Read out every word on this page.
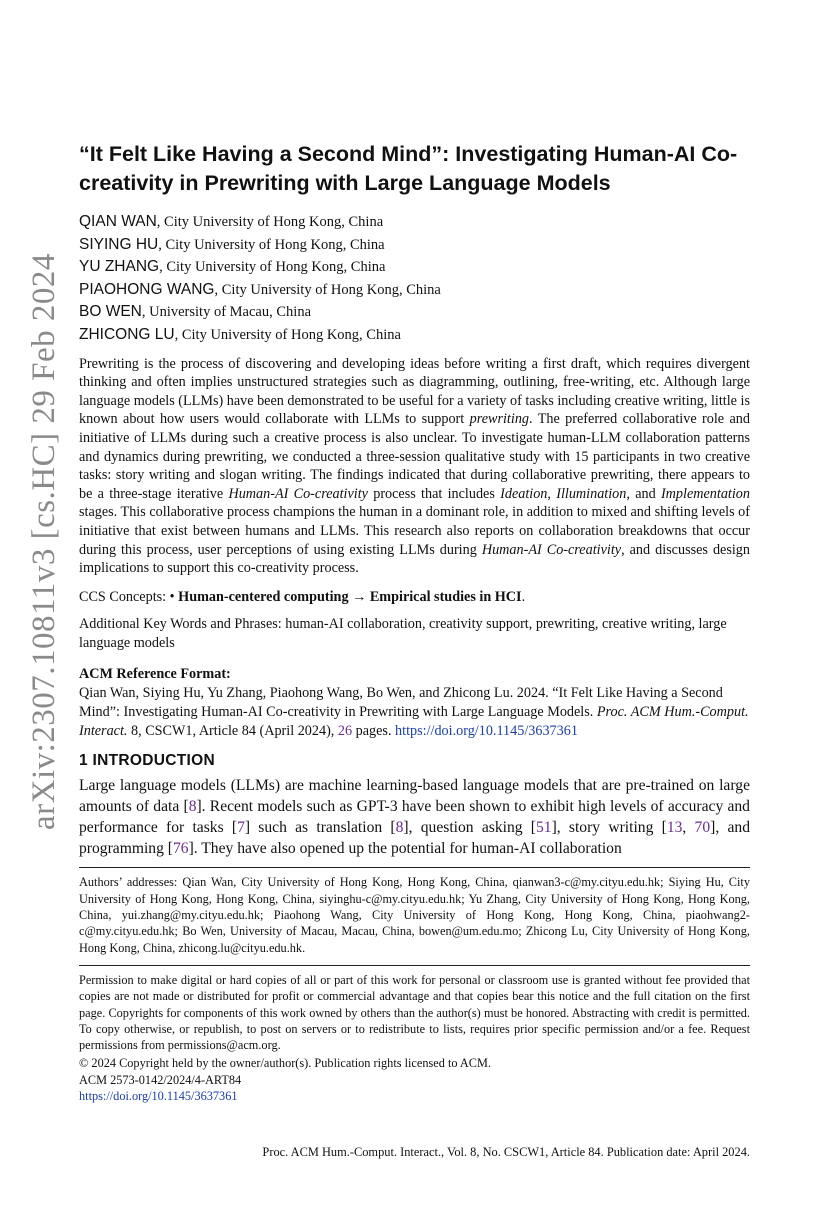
arXiv:2307.10811v3 [cs.HC] 29 Feb 2024
“It Felt Like Having a Second Mind”: Investigating Human-AI Co-creativity in Prewriting with Large Language Models
QIAN WAN, City University of Hong Kong, China
SIYING HU, City University of Hong Kong, China
YU ZHANG, City University of Hong Kong, China
PIAOHONG WANG, City University of Hong Kong, China
BO WEN, University of Macau, China
ZHICONG LU, City University of Hong Kong, China

Prewriting is the process of discovering and developing ideas before writing a first draft, which requires divergent thinking and often implies unstructured strategies such as diagramming, outlining, free-writing, etc. Although large language models (LLMs) have been demonstrated to be useful for a variety of tasks including creative writing, little is known about how users would collaborate with LLMs to support prewriting. The preferred collaborative role and initiative of LLMs during such a creative process is also unclear. To investigate human-LLM collaboration patterns and dynamics during prewriting, we conducted a three-session qualitative study with 15 participants in two creative tasks: story writing and slogan writing. The findings indicated that during collaborative prewriting, there appears to be a three-stage iterative Human-AI Co-creativity process that includes Ideation, Illumination, and Implementation stages. This collaborative process champions the human in a dominant role, in addition to mixed and shifting levels of initiative that exist between humans and LLMs. This research also reports on collaboration breakdowns that occur during this process, user perceptions of using existing LLMs during Human-AI Co-creativity, and discusses design implications to support this co-creativity process.

CCS Concepts: • Human-centered computing → Empirical studies in HCI.

Additional Key Words and Phrases: human-AI collaboration, creativity support, prewriting, creative writing, large language models

ACM Reference Format:

Qian Wan, Siying Hu, Yu Zhang, Piaohong Wang, Bo Wen, and Zhicong Lu. 2024. “It Felt Like Having a Second Mind”: Investigating Human-AI Co-creativity in Prewriting with Large Language Models. Proc. ACM Hum.-Comput. Interact. 8, CSCW1, Article 84 (April 2024), 26 pages. https://doi.org/10.1145/3637361

1 INTRODUCTION

Large language models (LLMs) are machine learning-based language models that are pre-trained on large amounts of data [8]. Recent models such as GPT-3 have been shown to exhibit high levels of accuracy and performance for tasks [7] such as translation [8], question asking [51], story writing [13, 70], and programming [76]. They have also opened up the potential for human-AI collaboration

Authors’ addresses: Qian Wan, City University of Hong Kong, Hong Kong, China, qianwan3-c@my.cityu.edu.hk; Siying Hu, City University of Hong Kong, Hong Kong, China, siyinghu-c@my.cityu.edu.hk; Yu Zhang, City University of Hong Kong, Hong Kong, China, yui.zhang@my.cityu.edu.hk; Piaohong Wang, City University of Hong Kong, Hong Kong, China, piaohwang2-c@my.cityu.edu.hk; Bo Wen, University of Macau, Macau, China, bowen@um.edu.mo; Zhicong Lu, City University of Hong Kong, Hong Kong, China, zhicong.lu@cityu.edu.hk.

Permission to make digital or hard copies of all or part of this work for personal or classroom use is granted without fee provided that copies are not made or distributed for profit or commercial advantage and that copies bear this notice and the full citation on the first page. Copyrights for components of this work owned by others than the author(s) must be honored. Abstracting with credit is permitted. To copy otherwise, or republish, to post on servers or to redistribute to lists, requires prior specific permission and/or a fee. Request permissions from permissions@acm.org.

© 2024 Copyright held by the owner/author(s). Publication rights licensed to ACM.
ACM 2573-0142/2024/4-ART84
https://doi.org/10.1145/3637361
Proc. ACM Hum.-Comput. Interact., Vol. 8, No. CSCW1, Article 84. Publication date: April 2024.
